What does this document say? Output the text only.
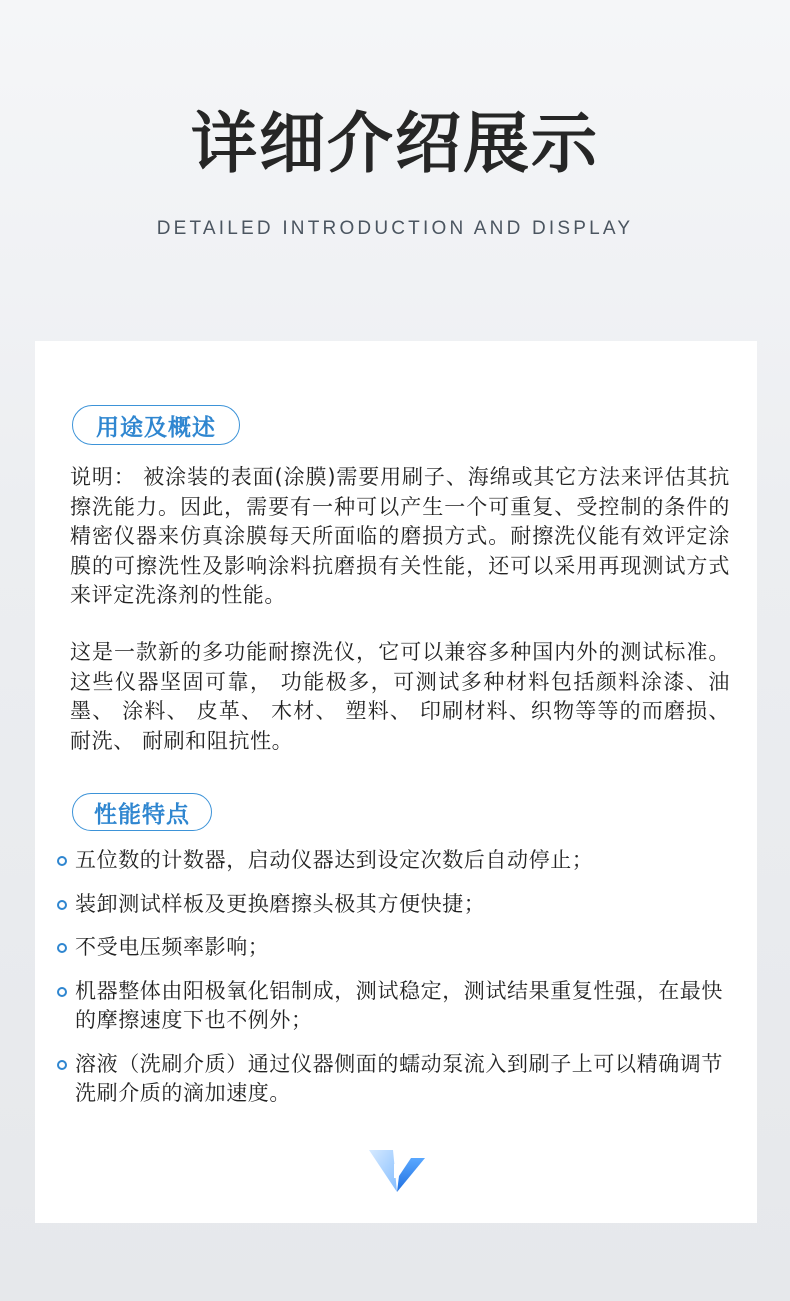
详细介绍展示
DETAILED INTRODUCTION AND DISPLAY
用途及概述
说明： 被涂装的表面(涂膜)需要用刷子、海绵或其它方法来评估其抗擦洗能力。因此，需要有一种可以产生一个可重复、受控制的条件的精密仪器来仿真涂膜每天所面临的磨损方式。耐擦洗仪能有效评定涂膜的可擦洗性及影响涂料抗磨损有关性能，还可以采用再现测试方式来评定洗涤剂的性能。
这是一款新的多功能耐擦洗仪，它可以兼容多种国内外的测试标准。 这些仪器坚固可靠， 功能极多，可测试多种材料包括颜料涂漆、油墨、 涂料、 皮革、 木材、 塑料、 印刷材料、织物等等的而磨损、 耐洗、 耐刷和阻抗性。
性能特点
五位数的计数器，启动仪器达到设定次数后自动停止；
装卸测试样板及更换磨擦头极其方便快捷；
不受电压频率影响；
机器整体由阳极氧化铝制成，测试稳定，测试结果重复性强，在最快的摩擦速度下也不例外；
溶液（洗刷介质）通过仪器侧面的蠕动泵流入到刷子上可以精确调节洗刷介质的滴加速度。
